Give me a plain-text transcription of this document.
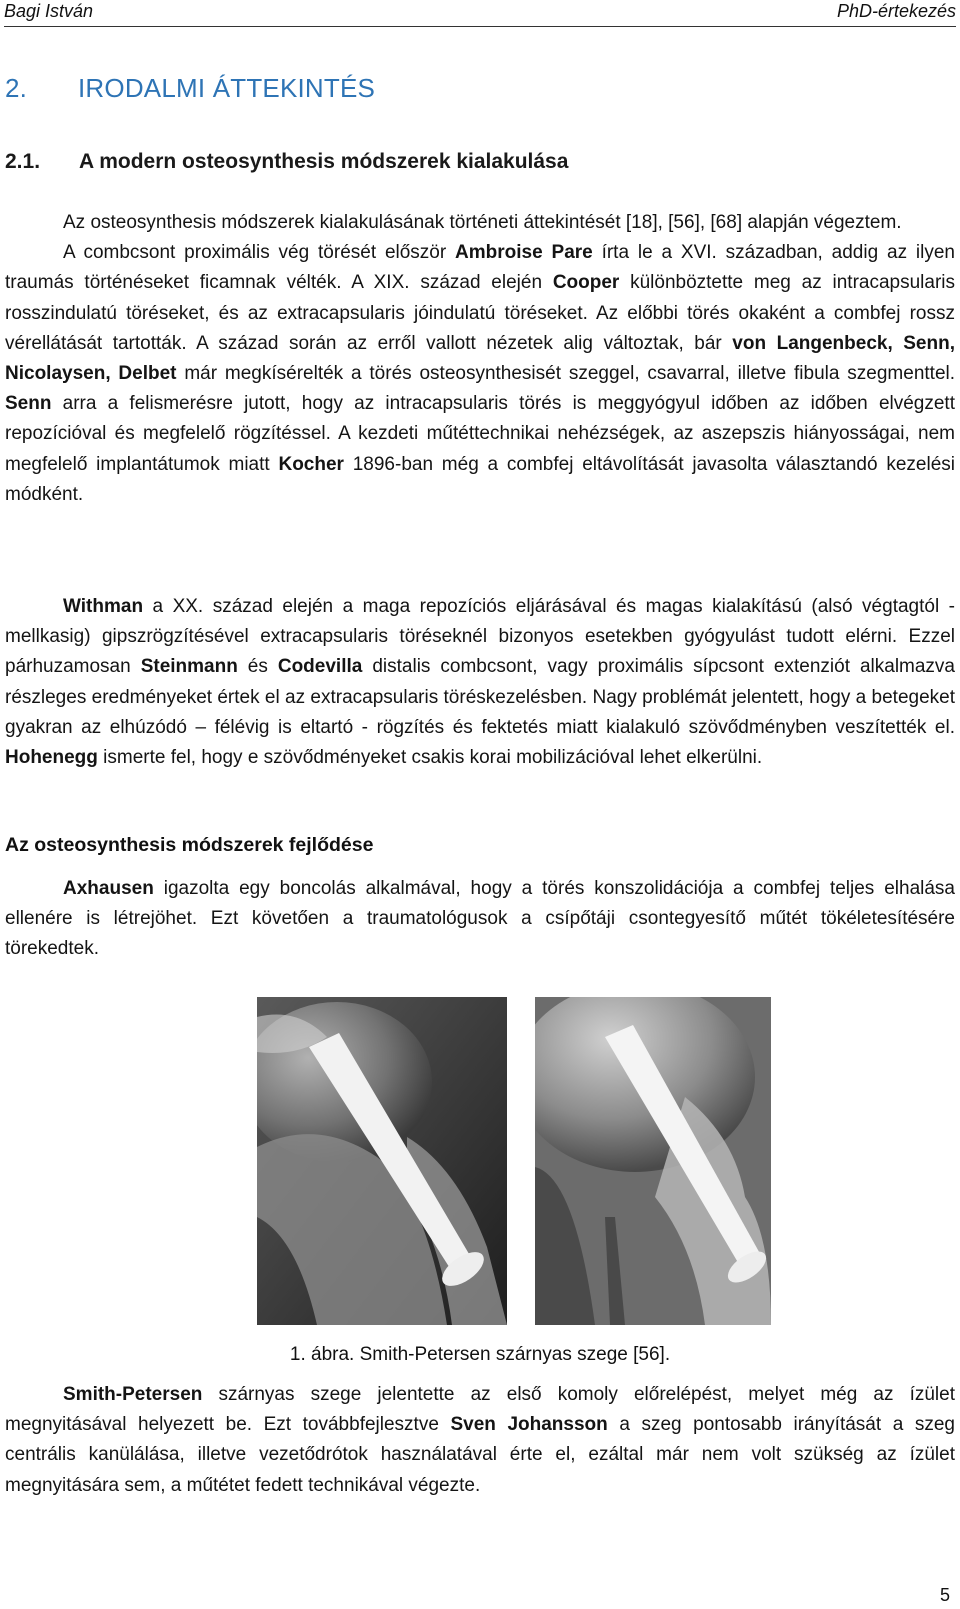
Bagi István	PhD-értekezés
2. IRODALMI ÁTTEKINTÉS
2.1. A modern osteosynthesis módszerek kialakulása

Az osteosynthesis módszerek kialakulásának történeti áttekintését [18], [56], [68] alapján végeztem.

A combcsont proximális vég törését először Ambroise Pare írta le a XVI. században, addig az ilyen traumás történéseket ficamnak vélték. A XIX. század elején Cooper különböztette meg az intracapsularis rosszindulatú töréseket, és az extracapsularis jóindulatú töréseket. Az előbbi törés okaként a combfej rossz vérellátását tartották. A század során az erről vallott nézetek alig változtak, bár von Langenbeck, Senn, Nicolaysen, Delbet már megkísérelték a törés osteosynthesisét szeggel, csavarral, illetve fibula szegmenttel. Senn arra a felismerésre jutott, hogy az intracapsularis törés is meggyógyul időben az időben elvégzett repozícióval és megfelelő rögzítéssel. A kezdeti műtéttechnikai nehézségek, az aszepszis hiányosságai, nem megfelelő implantátumok miatt Kocher 1896-ban még a combfej eltávolítását javasolta választandó kezelési módként.

Withman a XX. század elején a maga repozíciós eljárásával és magas kialakítású (alsó végtagtól - mellkasig) gipszrögzítésével extracapsularis töréseknél bizonyos esetekben gyógyulást tudott elérni. Ezzel párhuzamosan Steinmann és Codevilla distalis combcsont, vagy proximális sípcsont extenziót alkalmazva részleges eredményeket értek el az extracapsularis töréskezelésben. Nagy problémát jelentett, hogy a betegeket gyakran az elhúzódó – félévig is eltartó - rögzítés és fektetés miatt kialakuló szövődményben veszítették el. Hohenegg ismerte fel, hogy e szövődményeket csakis korai mobilizációval lehet elkerülni.

Az osteosynthesis módszerek fejlődése

Axhausen igazolta egy boncolás alkalmával, hogy a törés konszolidációja a combfej teljes elhalása ellenére is létrejöhet. Ezt követően a traumatológusok a csípőtáji csontegyesítő műtét tökéletesítésére törekedtek.

1. ábra. Smith-Petersen szárnyas szege [56].

Smith-Petersen szárnyas szege jelentette az első komoly előrelépést, melyet még az ízület megnyitásával helyezett be. Ezt továbbfejlesztve Sven Johansson a szeg pontosabb irányítását a szeg centrális kanülálása, illetve vezetődrótok használatával érte el, ezáltal már nem volt szükség az ízület megnyitására sem, a műtétet fedett technikával végezte.

5
